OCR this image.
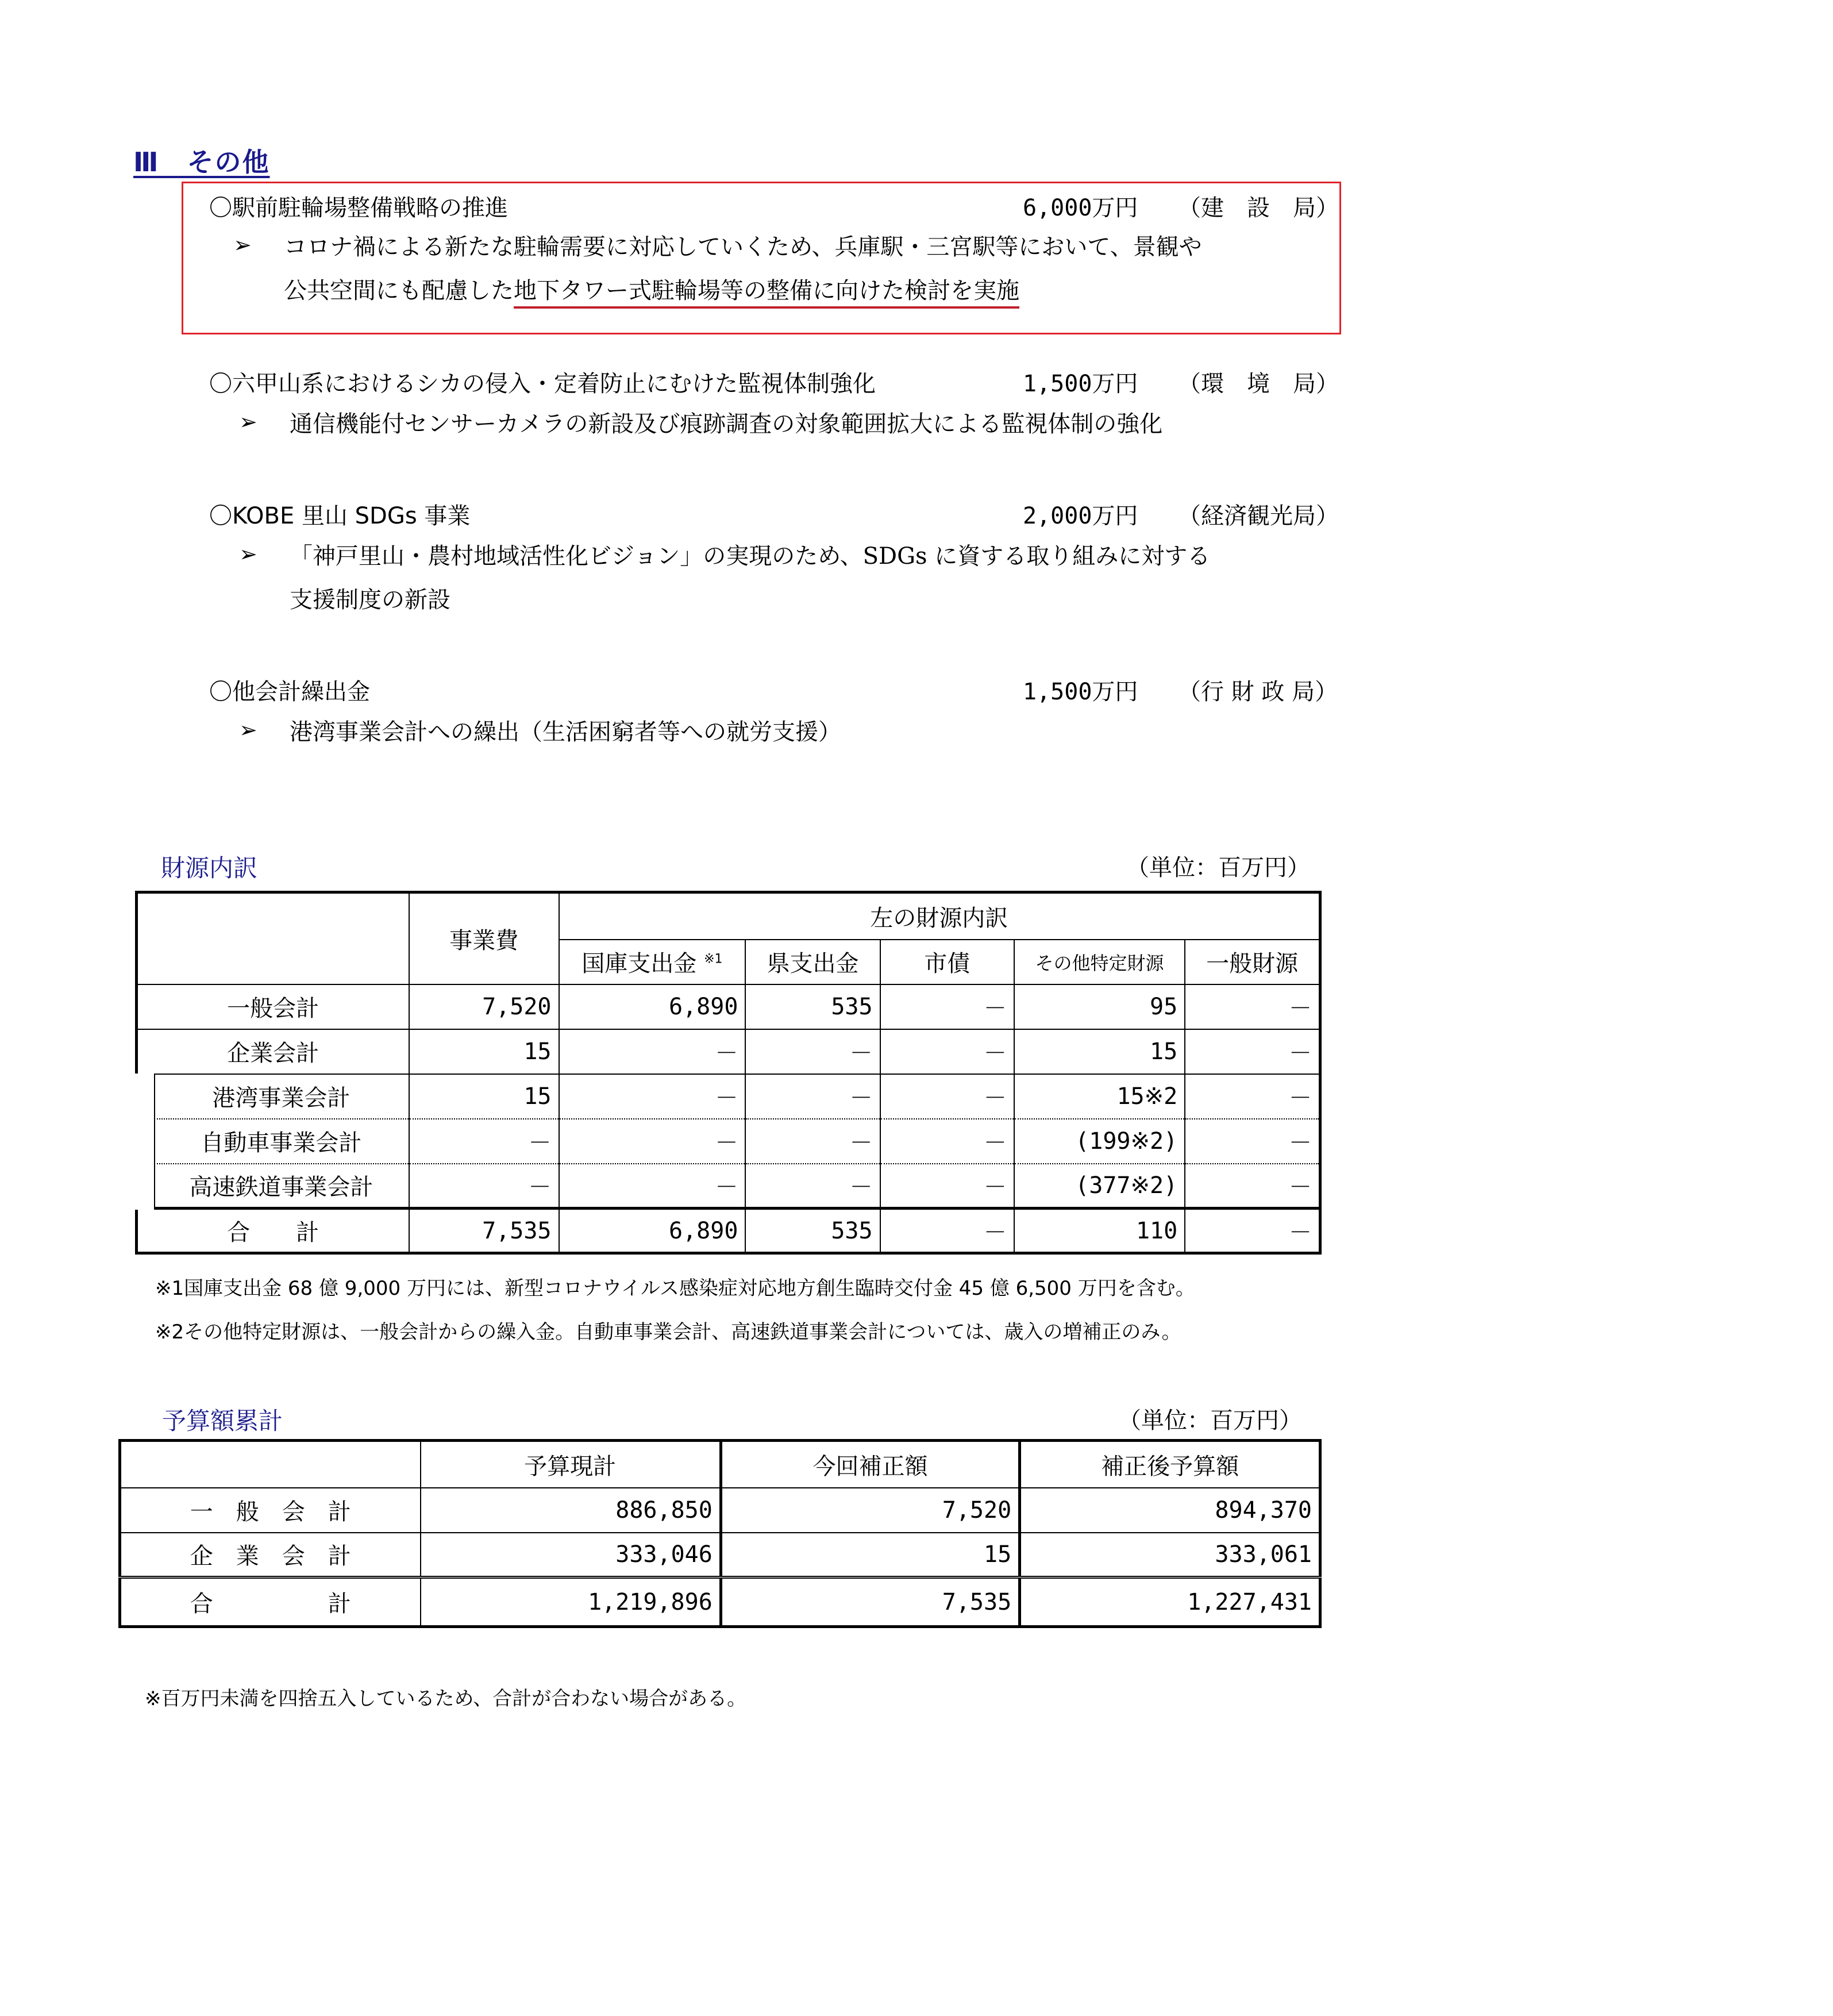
Ⅲ　その他
〇駅前駐輪場整備戦略の推進	6,000万円 （建　設　局）
➢ コロナ禍による新たな駐輪需要に対応していくため、兵庫駅・三宮駅等において、景観や
公共空間にも配慮した地下タワー式駐輪場等の整備に向けた検討を実施
〇六甲山系におけるシカの侵入・定着防止にむけた監視体制強化	1,500万円 （環　境　局）
➢ 通信機能付センサーカメラの新設及び痕跡調査の対象範囲拡大による監視体制の強化
〇KOBE 里山 SDGs 事業	2,000万円 （経済観光局）
➢ 「神戸里山・農村地域活性化ビジョン」の実現のため、SDGs に資する取り組みに対する
支援制度の新設
〇他会計繰出金	1,500万円 （行 財 政 局）
➢ 港湾事業会計への繰出（生活困窮者等への就労支援）
財源内訳	（単位：百万円）
	事業費	左の財源内訳				
		国庫支出金 $^{※1}$	県支出金	市債	その他特定財源	一般財源
一般会計	7,520	6,890	535	－	95	－
企業会計	15	－	－	－	15	－
港湾事業会計	15	－	－	－	15※2	－
自動車事業会計	－	－	－	－	(199※2)	－
高速鉄道事業会計	－	－	－	－	(377※2)	－
合　　計	7,535	6,890	535	－	110	－
※1国庫支出金 68 億 9,000 万円には、新型コロナウイルス感染症対応地方創生臨時交付金 45 億 6,500 万円を含む。
※2その他特定財源は、一般会計からの繰入金。自動車事業会計、高速鉄道事業会計については、歳入の増補正のみ。
予算額累計	（単位：百万円）
	予算現計	今回補正額	補正後予算額
一　般　会　計	886,850	7,520	894,370
企　業　会　計	333,046	15	333,061
合　　　　　計	1,219,896	7,535	1,227,431
※百万円未満を四捨五入しているため、合計が合わない場合がある。
